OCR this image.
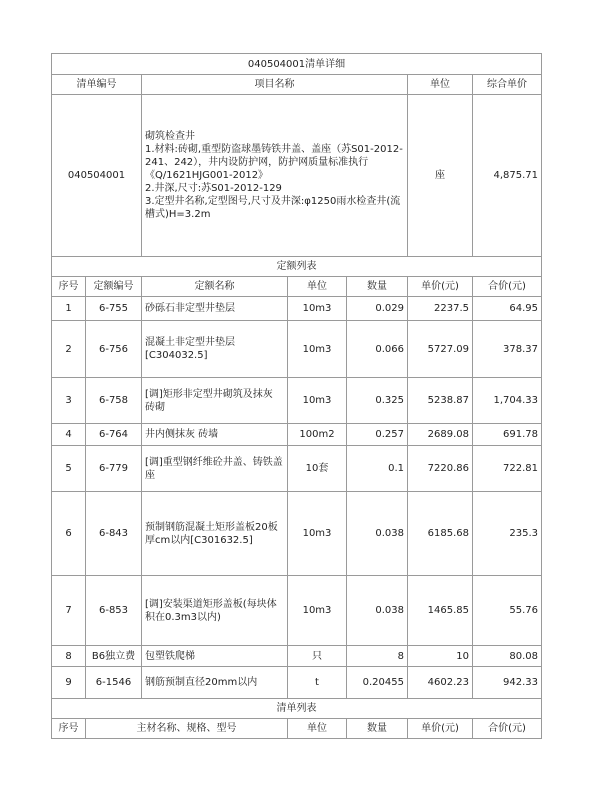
040504001清单详细						
清单编号		项目名称			单位	综合单价
040504001		砌筑检查井
1.材料:砖砌,重型防盗球墨铸铁井盖、盖座（苏S01-2012-241、242），井内设防护网，防护网质量标准执行《Q/1621HJG001-2012》
2.井深,尺寸:苏S01-2012-129
3.定型井名称,定型图号,尺寸及井深:φ1250雨水检查井(流槽式)H=3.2m			座	4,875.71
定额列表						
序号	定额编号	定额名称	单位	数量	单价(元)	合价(元)
1	6-755	砂砾石非定型井垫层	10m3	0.029	2237.5	64.95
2	6-756	混凝土非定型井垫层[C304032.5]	10m3	0.066	5727.09	378.37
3	6-758	[调]矩形非定型井砌筑及抹灰 砖砌	10m3	0.325	5238.87	1,704.33
4	6-764	井内侧抹灰 砖墙	100m2	0.257	2689.08	691.78
5	6-779	[调]重型钢纤维砼井盖、铸铁盖座	10套	0.1	7220.86	722.81
6	6-843	预制钢筋混凝土矩形盖板20板厚cm以内[C301632.5]	10m3	0.038	6185.68	235.3
7	6-853	[调]安装渠道矩形盖板(每块体积在0.3m3以内)	10m3	0.038	1465.85	55.76
8	B6独立费	包塑铁爬梯	只	8	10	80.08
9	6-1546	钢筋预制直径20mm以内	t	0.20455	4602.23	942.33
清单列表						
序号	主材名称、规格、型号		单位	数量	单价(元)	合价(元)
